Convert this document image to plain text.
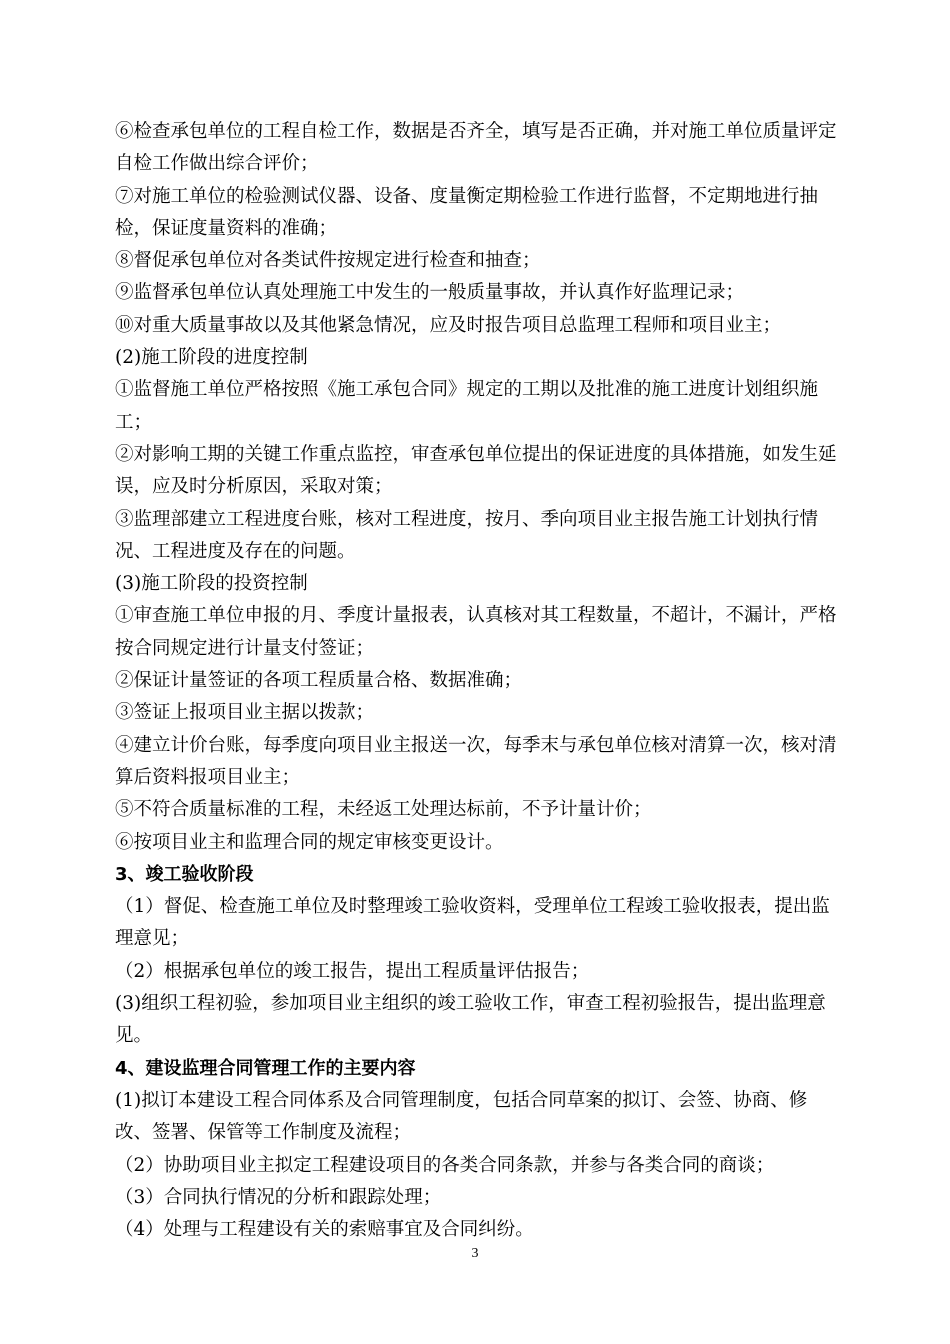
⑥检查承包单位的工程自检工作，数据是否齐全，填写是否正确，并对施工单位质量评定自检工作做出综合评价；

⑦对施工单位的检验测试仪器、设备、度量衡定期检验工作进行监督，不定期地进行抽检，保证度量资料的准确；

⑧督促承包单位对各类试件按规定进行检查和抽查；

⑨监督承包单位认真处理施工中发生的一般质量事故，并认真作好监理记录；

⑩对重大质量事故以及其他紧急情况，应及时报告项目总监理工程师和项目业主；

(2)施工阶段的进度控制

①监督施工单位严格按照《施工承包合同》规定的工期以及批准的施工进度计划组织施工；

②对影响工期的关键工作重点监控，审查承包单位提出的保证进度的具体措施，如发生延误，应及时分析原因，采取对策；

③监理部建立工程进度台账，核对工程进度，按月、季向项目业主报告施工计划执行情况、工程进度及存在的问题。

(3)施工阶段的投资控制

①审查施工单位申报的月、季度计量报表，认真核对其工程数量，不超计，不漏计，严格按合同规定进行计量支付签证；

②保证计量签证的各项工程质量合格、数据准确；

③签证上报项目业主据以拨款；

④建立计价台账，每季度向项目业主报送一次，每季末与承包单位核对清算一次，核对清算后资料报项目业主；

⑤不符合质量标准的工程，未经返工处理达标前，不予计量计价；

⑥按项目业主和监理合同的规定审核变更设计。

3、竣工验收阶段

（1）督促、检查施工单位及时整理竣工验收资料，受理单位工程竣工验收报表，提出监理意见；

（2）根据承包单位的竣工报告，提出工程质量评估报告；

(3)组织工程初验，参加项目业主组织的竣工验收工作，审查工程初验报告，提出监理意见。

4、建设监理合同管理工作的主要内容

(1)拟订本建设工程合同体系及合同管理制度，包括合同草案的拟订、会签、协商、修改、签署、保管等工作制度及流程；

（2）协助项目业主拟定工程建设项目的各类合同条款，并参与各类合同的商谈；

（3）合同执行情况的分析和跟踪处理；

（4）处理与工程建设有关的索赔事宜及合同纠纷。

3
